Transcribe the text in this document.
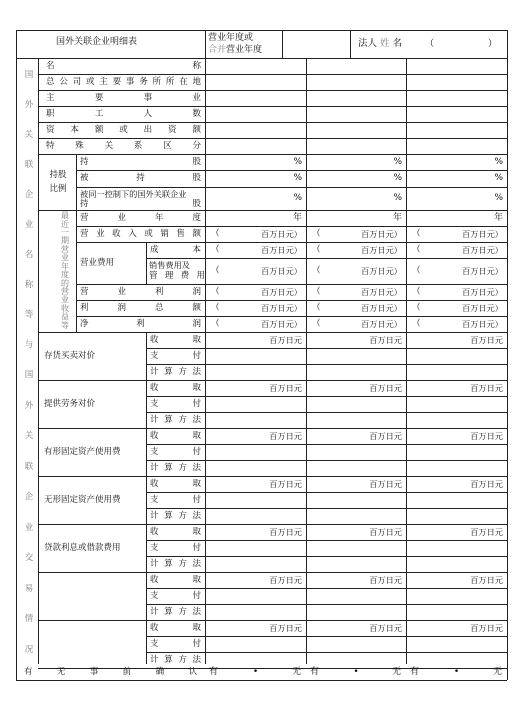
国外关联企业明细表	营业年度或
合并营业年度
法人 姓 名	（	）
国
外
关
联
企
业
名
称
等
与
国
外
关
联
企
业
交
易
情
况
名	称
总 公 司 或 主 要 事 务 所 所 在 地
主	要	事	业
职	工	人	数
资 本 额 或 出 资 额
特 殊 关 系 区 分
持股
比例
持	股	%	%	%
被	持	股	%	%	%
被同一控制下的国外关联企业
持	股
%	%	%
最
近
一
期
营
业
年
度
的
营
业
收
益
等
营	业	年	度	年	年	年
营 业 收 入 或 销 售 额 （	百万日元） （	百万日元） （	百万日元）
营业费用
成	本 （	百万日元） （	百万日元） （	百万日元）
销售费用及
管 理 费 用
（	百万日元） （	百万日元） （	百万日元）
营	业	利	润 （	百万日元） （	百万日元） （	百万日元）
利	润	总	额 （	百万日元） （	百万日元） （	百万日元）
净	利	润 （	百万日元） （	百万日元） （	百万日元）
存货买卖对价
收	取	百万日元	百万日元	百万日元
支	付
计 算 方 法
提供劳务对价
收	取	百万日元	百万日元	百万日元
支	付
计 算 方 法
有形固定资产使用费
收	取	百万日元	百万日元	百万日元
支	付
计 算 方 法
无形固定资产使用费
收	取	百万日元	百万日元	百万日元
支	付
计 算 方 法
贷款利息或借款费用
收	取	百万日元	百万日元	百万日元
支	付
计 算 方 法
收	取	百万日元	百万日元	百万日元
支	付
计 算 方 法
收	取	百万日元	百万日元	百万日元
支	付
计 算 方 法
有	无	事	前	确	认 有	•	无 有	•	无 有	•	无
